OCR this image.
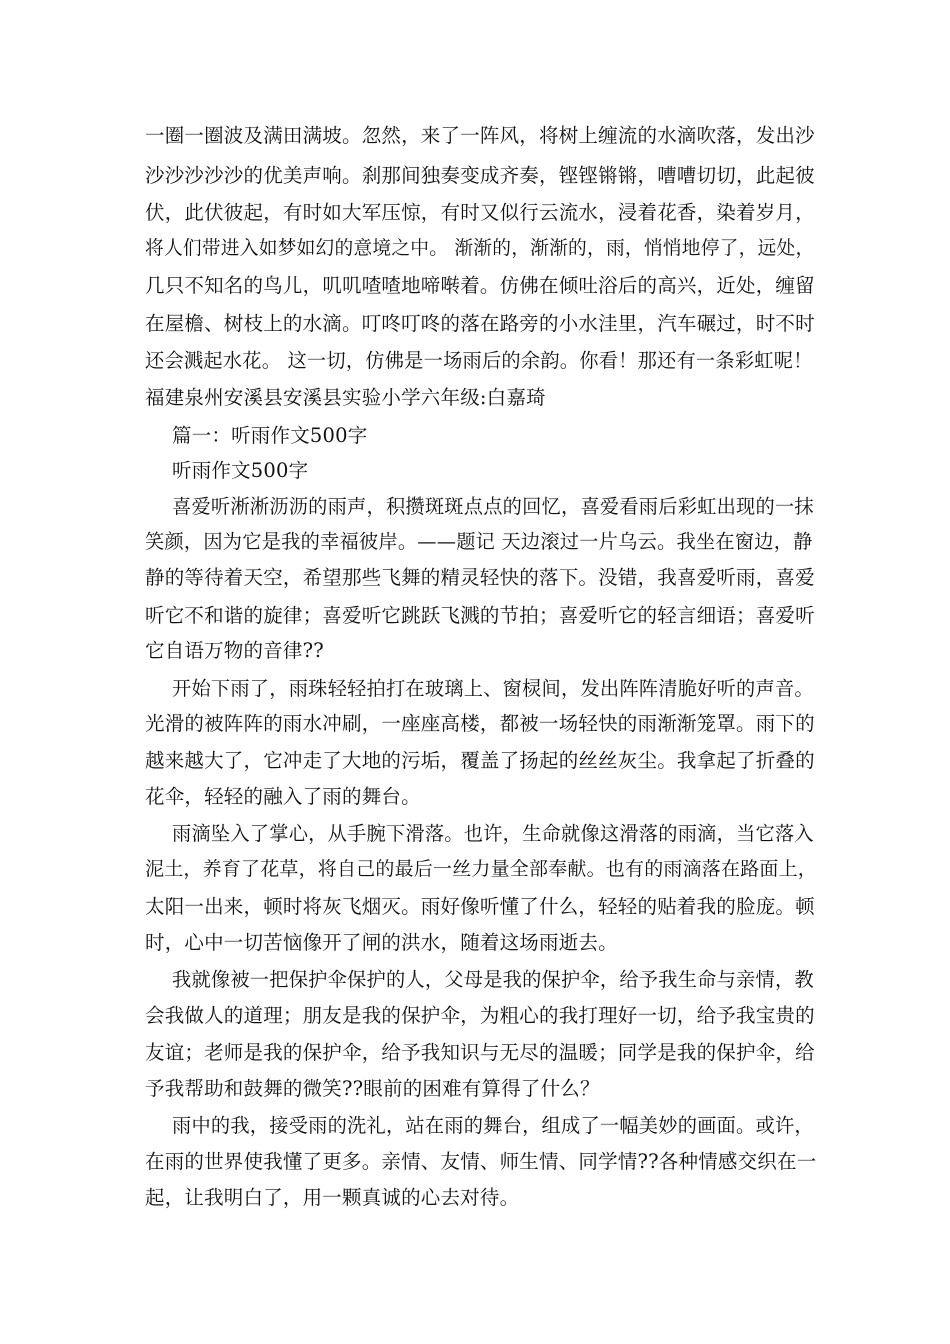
一圈一圈波及满田满坡。忽然，来了一阵风，将树上缠流的水滴吹落，发出沙
沙沙沙沙沙的优美声响。刹那间独奏变成齐奏，铿铿锵锵，嘈嘈切切，此起彼
伏，此伏彼起，有时如大军压惊，有时又似行云流水，浸着花香，染着岁月，
将人们带进入如梦如幻的意境之中。 渐渐的，渐渐的，雨，悄悄地停了，远处，
几只不知名的鸟儿，叽叽喳喳地啼啭着。仿佛在倾吐浴后的高兴，近处，缠留
在屋檐、树枝上的水滴。叮咚叮咚的落在路旁的小水洼里，汽车碾过，时不时
还会溅起水花。 这一切，仿佛是一场雨后的余韵。你看！那还有一条彩虹呢！
福建泉州安溪县安溪县实验小学六年级:白嘉琦
篇一：听雨作文500字
听雨作文500字
喜爱听淅淅沥沥的雨声，积攒斑斑点点的回忆，喜爱看雨后彩虹出现的一抹
笑颜，因为它是我的幸福彼岸。——题记 天边滚过一片乌云。我坐在窗边，静
静的等待着天空，希望那些飞舞的精灵轻快的落下。没错，我喜爱听雨，喜爱
听它不和谐的旋律；喜爱听它跳跃飞溅的节拍；喜爱听它的轻言细语；喜爱听
它自语万物的音律??
开始下雨了，雨珠轻轻拍打在玻璃上、窗棂间，发出阵阵清脆好听的声音。
光滑的被阵阵的雨水冲刷，一座座高楼，都被一场轻快的雨渐渐笼罩。雨下的
越来越大了，它冲走了大地的污垢，覆盖了扬起的丝丝灰尘。我拿起了折叠的
花伞，轻轻的融入了雨的舞台。
雨滴坠入了掌心，从手腕下滑落。也许，生命就像这滑落的雨滴，当它落入
泥土，养育了花草，将自己的最后一丝力量全部奉献。也有的雨滴落在路面上，
太阳一出来，顿时将灰飞烟灭。雨好像听懂了什么，轻轻的贴着我的脸庞。顿
时，心中一切苦恼像开了闸的洪水，随着这场雨逝去。
我就像被一把保护伞保护的人，父母是我的保护伞，给予我生命与亲情，教
会我做人的道理；朋友是我的保护伞，为粗心的我打理好一切，给予我宝贵的
友谊；老师是我的保护伞，给予我知识与无尽的温暖；同学是我的保护伞，给
予我帮助和鼓舞的微笑??眼前的困难有算得了什么？
雨中的我，接受雨的洗礼，站在雨的舞台，组成了一幅美妙的画面。或许，
在雨的世界使我懂了更多。亲情、友情、师生情、同学情??各种情感交织在一
起，让我明白了，用一颗真诚的心去对待。
